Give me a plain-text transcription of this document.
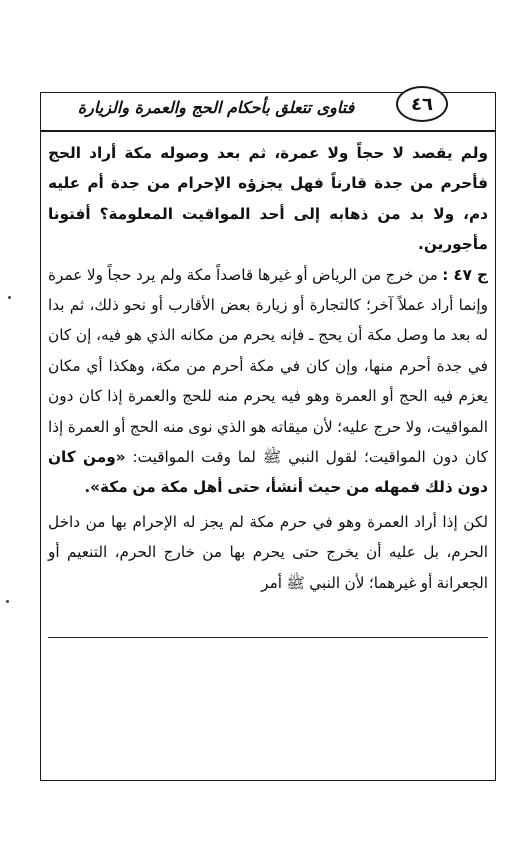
٤٦
فتاوى تتعلق بأحكام الحج والعمرة والزيارة

ولم يقصد لا حجاً ولا عمرة، ثم بعد وصوله مكة أراد الحج فأحرم من جدة قارناً فهل يجزؤه الإحرام من جدة أم عليه دم، ولا بد من ذهابه إلى أحد المواقيت المعلومة؟ أفتونا مأجورين.

ج ٤٧ : من خرج من الرياض أو غيرها قاصداً مكة ولم يرد حجاً ولا عمرة وإنما أراد عملاً آخر؛ كالتجارة أو زيارة بعض الأقارب أو نحو ذلك، ثم بدا له بعد ما وصل مكة أن يحج ـ فإنه يحرم من مكانه الذي هو فيه، إن كان في جدة أحرم منها، وإن كان في مكة أحرم من مكة، وهكذا أي مكان يعزم فيه الحج أو العمرة وهو فيه يحرم منه للحج والعمرة إذا كان دون المواقيت، ولا حرج عليه؛ لأن ميقاته هو الذي نوى منه الحج أو العمرة إذا كان دون المواقيت؛ لقول النبي ﷺ لما وقت المواقيت: «ومن كان دون ذلك فمهله من حيث أنشأ، حتى أهل مكة من مكة».

لكن إذا أراد العمرة وهو في حرم مكة لم يجز له الإحرام بها من داخل الحرم، بل عليه أن يخرج حتى يحرم بها من خارج الحرم، التنعيم أو الجعرانة أو غيرهما؛ لأن النبي ﷺ أمر
